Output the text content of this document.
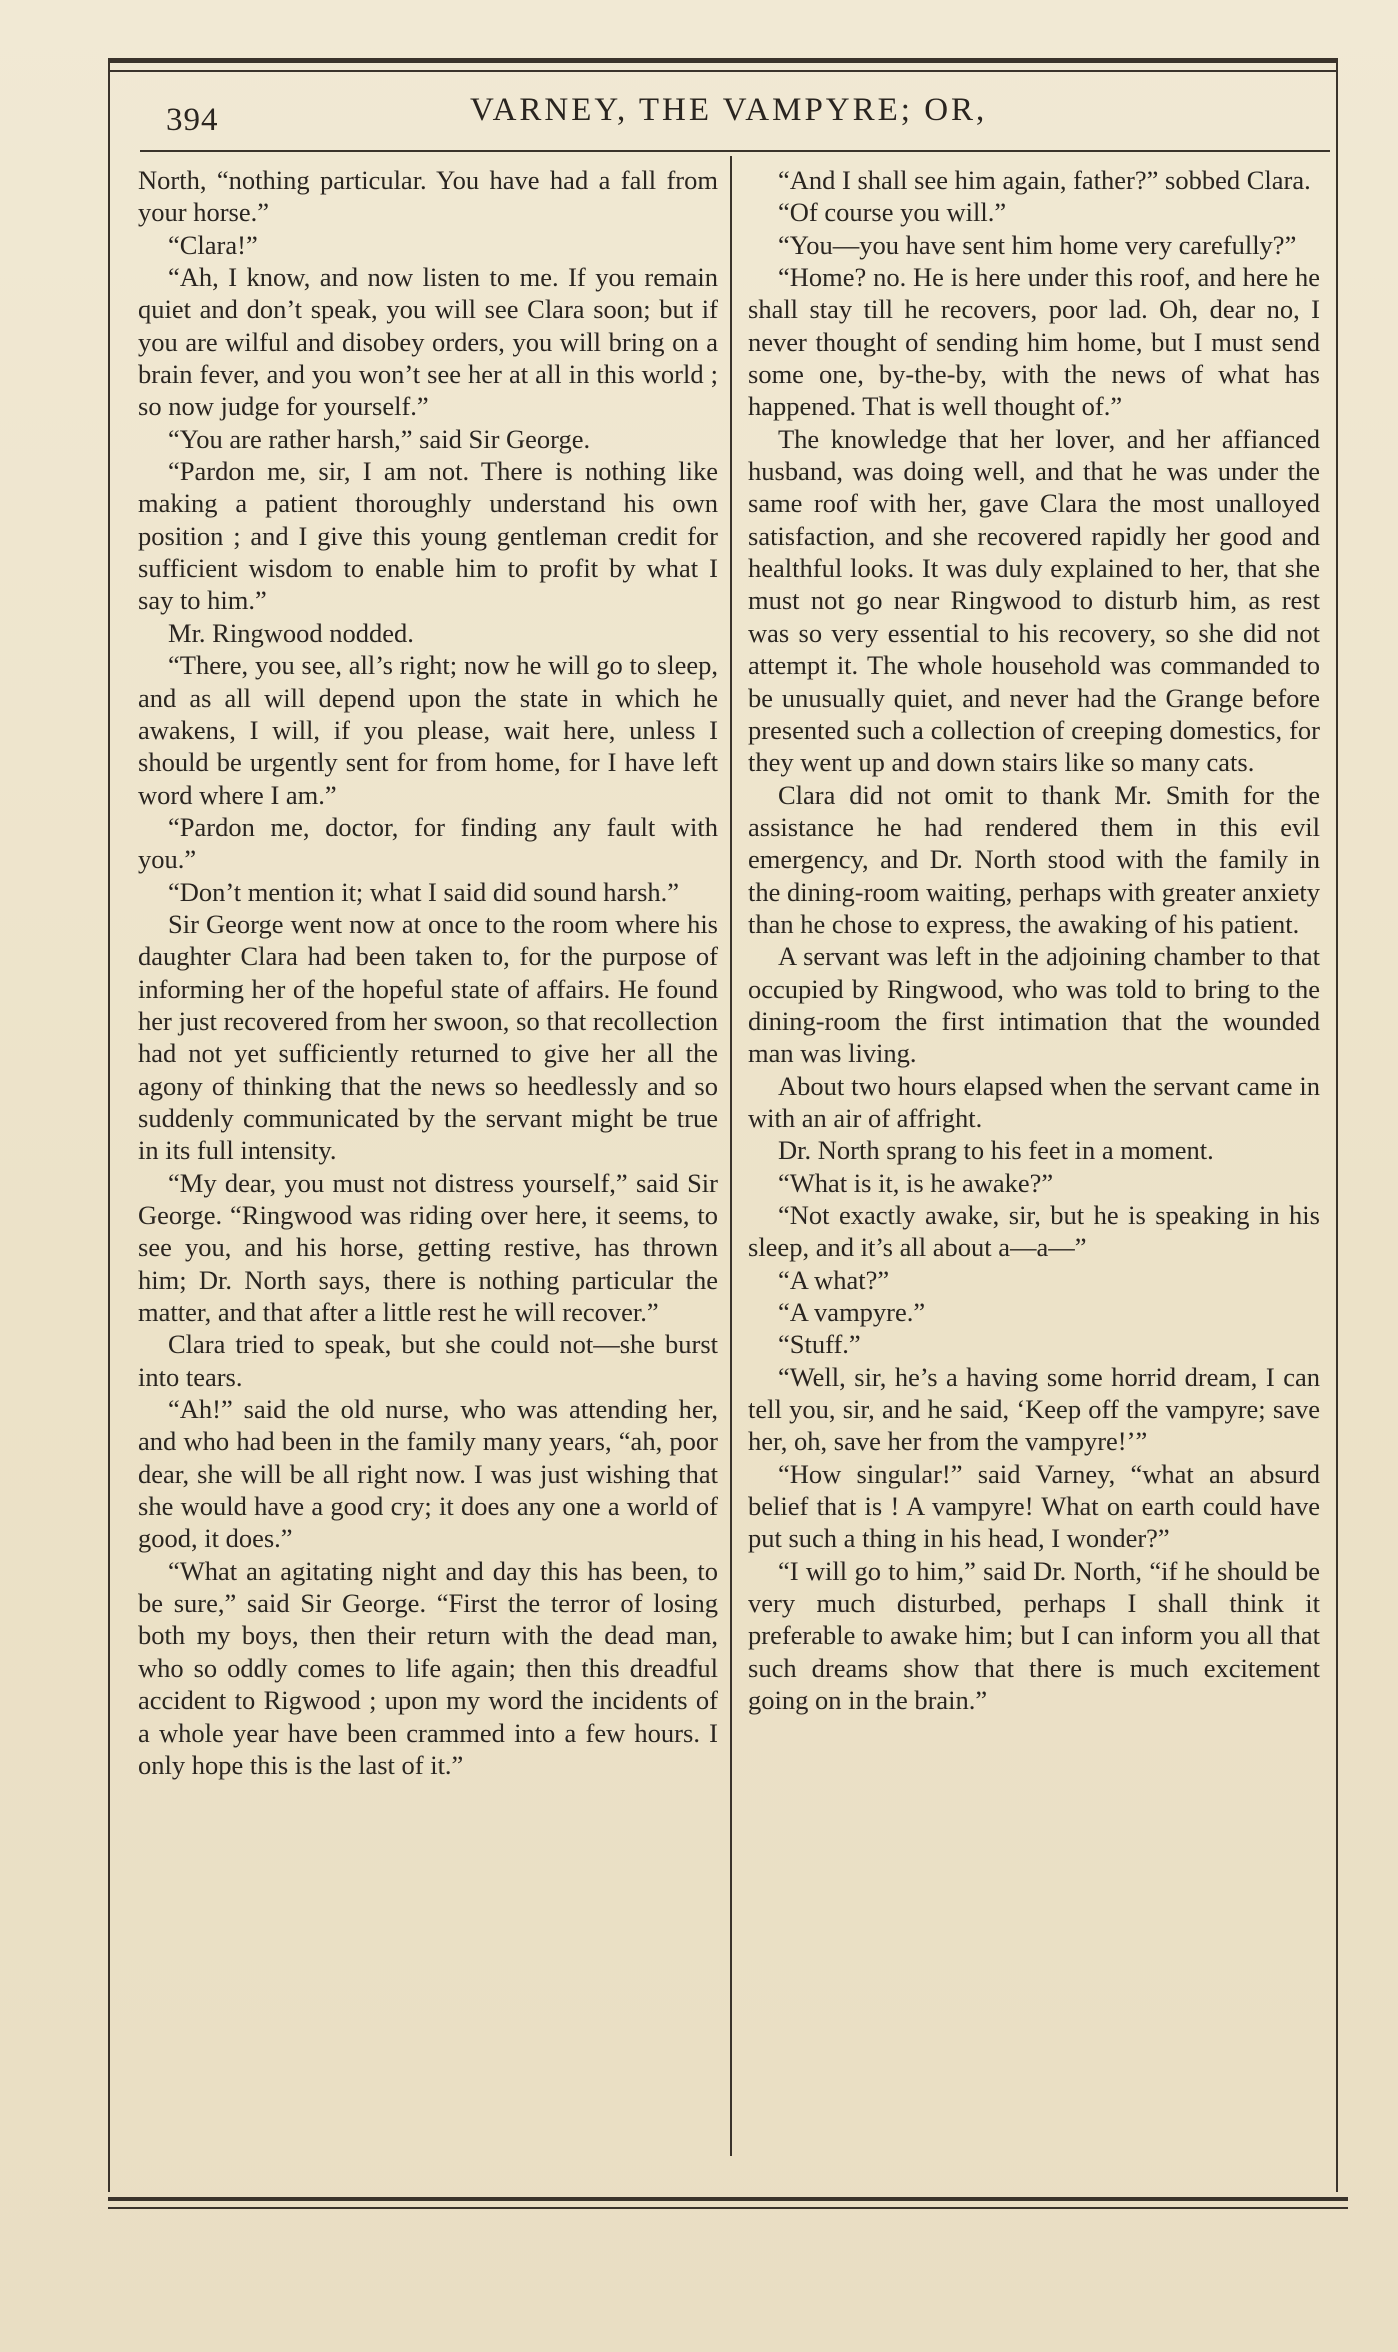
394	VARNEY, THE VAMPYRE; OR,

North, “nothing particular. You have had a fall from your horse.”

“Clara!”

“Ah, I know, and now listen to me. If you remain quiet and don’t speak, you will see Clara soon; but if you are wilful and disobey orders, you will bring on a brain fever, and you won’t see her at all in this world ; so now judge for yourself.”

“You are rather harsh,” said Sir George.

“Pardon me, sir, I am not. There is nothing like making a patient thoroughly understand his own position ; and I give this young gentleman credit for sufficient wisdom to enable him to profit by what I say to him.”

Mr. Ringwood nodded.

“There, you see, all’s right; now he will go to sleep, and as all will depend upon the state in which he awakens, I will, if you please, wait here, unless I should be urgently sent for from home, for I have left word where I am.”

“Pardon me, doctor, for finding any fault with you.”

“Don’t mention it; what I said did sound harsh.”

Sir George went now at once to the room where his daughter Clara had been taken to, for the purpose of informing her of the hopeful state of affairs. He found her just recovered from her swoon, so that recollection had not yet sufficiently returned to give her all the agony of thinking that the news so heedlessly and so suddenly communicated by the servant might be true in its full intensity.

“My dear, you must not distress yourself,” said Sir George. “Ringwood was riding over here, it seems, to see you, and his horse, getting restive, has thrown him; Dr. North says, there is nothing particular the matter, and that after a little rest he will recover.”

Clara tried to speak, but she could not—she burst into tears.

“Ah!” said the old nurse, who was attending her, and who had been in the family many years, “ah, poor dear, she will be all right now. I was just wishing that she would have a good cry; it does any one a world of good, it does.”

“What an agitating night and day this has been, to be sure,” said Sir George. “First the terror of losing both my boys, then their return with the dead man, who so oddly comes to life again; then this dreadful accident to Rigwood ; upon my word the incidents of a whole year have been crammed into a few hours. I only hope this is the last of it.”

“And I shall see him again, father?” sobbed Clara.

“Of course you will.”

“You—you have sent him home very carefully?”

“Home? no. He is here under this roof, and here he shall stay till he recovers, poor lad. Oh, dear no, I never thought of sending him home, but I must send some one, by-the-by, with the news of what has happened. That is well thought of.”

The knowledge that her lover, and her affianced husband, was doing well, and that he was under the same roof with her, gave Clara the most unalloyed satisfaction, and she recovered rapidly her good and healthful looks. It was duly explained to her, that she must not go near Ringwood to disturb him, as rest was so very essential to his recovery, so she did not attempt it. The whole household was commanded to be unusually quiet, and never had the Grange before presented such a collection of creeping domestics, for they went up and down stairs like so many cats.

Clara did not omit to thank Mr. Smith for the assistance he had rendered them in this evil emergency, and Dr. North stood with the family in the dining-room waiting, perhaps with greater anxiety than he chose to express, the awaking of his patient.

A servant was left in the adjoining chamber to that occupied by Ringwood, who was told to bring to the dining-room the first intimation that the wounded man was living.

About two hours elapsed when the servant came in with an air of affright.

Dr. North sprang to his feet in a moment.

“What is it, is he awake?”

“Not exactly awake, sir, but he is speaking in his sleep, and it’s all about a—a—”

“A what?”

“A vampyre.”

“Stuff.”

“Well, sir, he’s a having some horrid dream, I can tell you, sir, and he said, ‘Keep off the vampyre; save her, oh, save her from the vampyre!’”

“How singular!” said Varney, “what an absurd belief that is ! A vampyre! What on earth could have put such a thing in his head, I wonder?”

“I will go to him,” said Dr. North, “if he should be very much disturbed, perhaps I shall think it preferable to awake him; but I can inform you all that such dreams show that there is much excitement going on in the brain.”
